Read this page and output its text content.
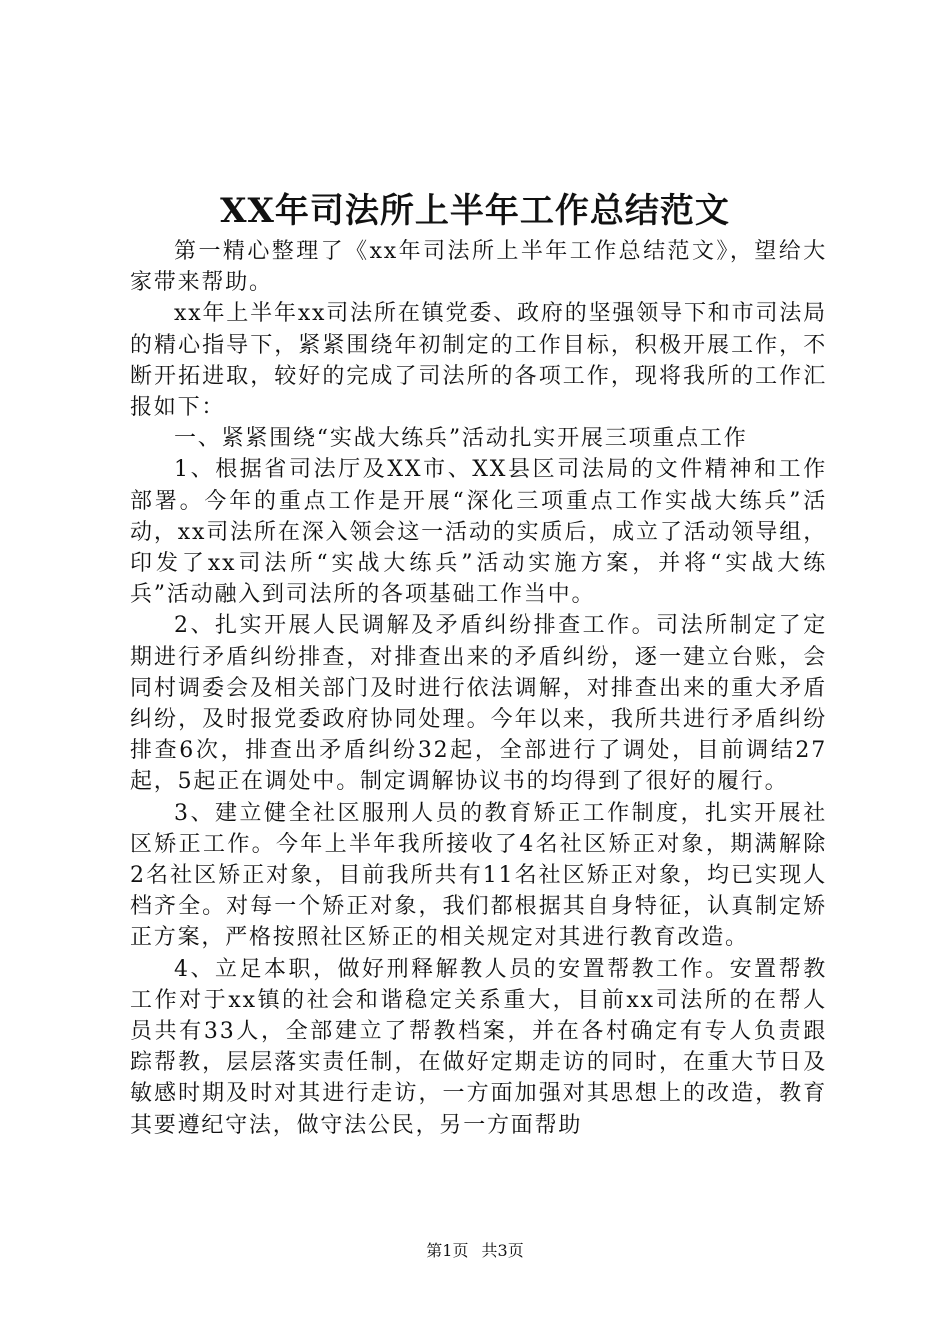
XX年司法所上半年工作总结范文

第一精心整理了《xx年司法所上半年工作总结范文》，望给大家带来帮助。

xx年上半年xx司法所在镇党委、政府的坚强领导下和市司法局的精心指导下，紧紧围绕年初制定的工作目标，积极开展工作，不断开拓进取，较好的完成了司法所的各项工作，现将我所的工作汇报如下：

一、紧紧围绕“实战大练兵”活动扎实开展三项重点工作

1、根据省司法厅及XX市、XX县区司法局的文件精神和工作部署。今年的重点工作是开展“深化三项重点工作实战大练兵”活动，xx司法所在深入领会这一活动的实质后，成立了活动领导组，印发了xx司法所“实战大练兵”活动实施方案，并将“实战大练兵”活动融入到司法所的各项基础工作当中。

2、扎实开展人民调解及矛盾纠纷排查工作。司法所制定了定期进行矛盾纠纷排查，对排查出来的矛盾纠纷，逐一建立台账，会同村调委会及相关部门及时进行依法调解，对排查出来的重大矛盾纠纷，及时报党委政府协同处理。今年以来，我所共进行矛盾纠纷排查6次，排查出矛盾纠纷32起，全部进行了调处，目前调结27起，5起正在调处中。制定调解协议书的均得到了很好的履行。

3、建立健全社区服刑人员的教育矫正工作制度，扎实开展社区矫正工作。今年上半年我所接收了4名社区矫正对象，期满解除2名社区矫正对象，目前我所共有11名社区矫正对象，均已实现人档齐全。对每一个矫正对象，我们都根据其自身特征，认真制定矫正方案，严格按照社区矫正的相关规定对其进行教育改造。

4、立足本职，做好刑释解教人员的安置帮教工作。安置帮教工作对于xx镇的社会和谐稳定关系重大，目前xx司法所的在帮人员共有33人，全部建立了帮教档案，并在各村确定有专人负责跟踪帮教，层层落实责任制，在做好定期走访的同时，在重大节日及敏感时期及时对其进行走访，一方面加强对其思想上的改造，教育其要遵纪守法，做守法公民，另一方面帮助

第1页 共3页
